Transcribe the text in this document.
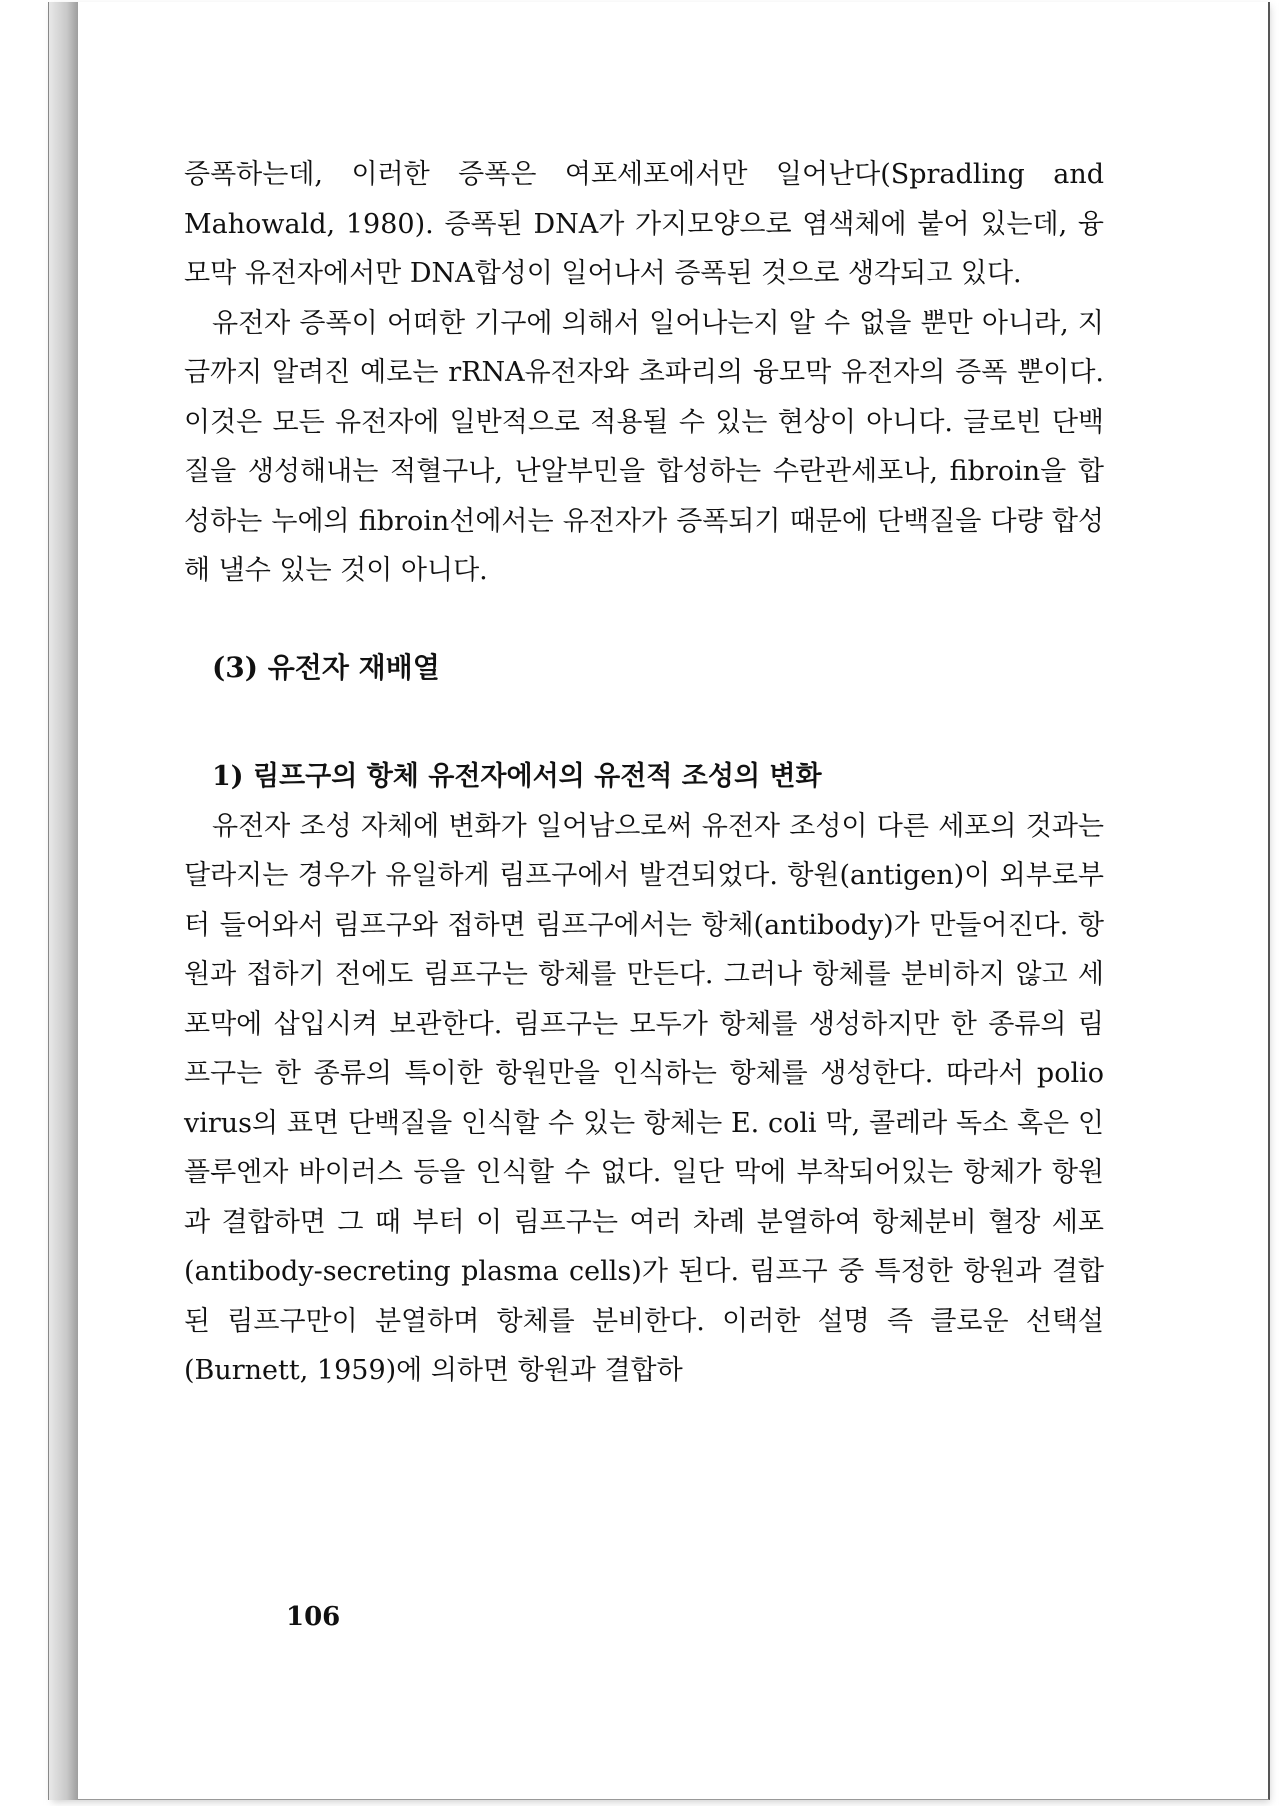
증폭하는데, 이러한 증폭은 여포세포에서만 일어난다(Spradling and Mahowald, 1980). 증폭된 DNA가 가지모양으로 염색체에 붙어 있는데, 융모막 유전자에서만 DNA합성이 일어나서 증폭된 것으로 생각되고 있다.

유전자 증폭이 어떠한 기구에 의해서 일어나는지 알 수 없을 뿐만 아니라, 지금까지 알려진 예로는 rRNA유전자와 초파리의 융모막 유전자의 증폭 뿐이다. 이것은 모든 유전자에 일반적으로 적용될 수 있는 현상이 아니다. 글로빈 단백질을 생성해내는 적혈구나, 난알부민을 합성하는 수란관세포나, fibroin을 합성하는 누에의 fibroin선에서는 유전자가 증폭되기 때문에 단백질을 다량 합성해 낼수 있는 것이 아니다.

(3) 유전자 재배열
1) 림프구의 항체 유전자에서의 유전적 조성의 변화

유전자 조성 자체에 변화가 일어남으로써 유전자 조성이 다른 세포의 것과는 달라지는 경우가 유일하게 림프구에서 발견되었다. 항원(antigen)이 외부로부터 들어와서 림프구와 접하면 림프구에서는 항체(antibody)가 만들어진다. 항원과 접하기 전에도 림프구는 항체를 만든다. 그러나 항체를 분비하지 않고 세포막에 삽입시켜 보관한다. 림프구는 모두가 항체를 생성하지만 한 종류의 림프구는 한 종류의 특이한 항원만을 인식하는 항체를 생성한다. 따라서 polio virus의 표면 단백질을 인식할 수 있는 항체는 E. coli 막, 콜레라 독소 혹은 인플루엔자 바이러스 등을 인식할 수 없다. 일단 막에 부착되어있는 항체가 항원과 결합하면 그 때 부터 이 림프구는 여러 차례 분열하여 항체분비 혈장 세포(antibody-secreting plasma cells)가 된다. 림프구 중 특정한 항원과 결합된 림프구만이 분열하며 항체를 분비한다. 이러한 설명 즉 클로운 선택설(Burnett, 1959)에 의하면 항원과 결합하

106
